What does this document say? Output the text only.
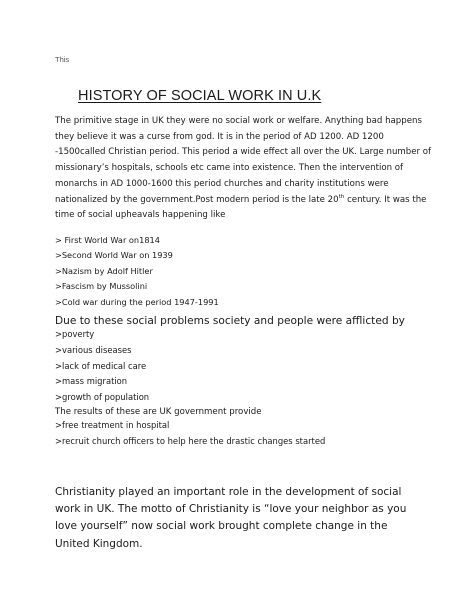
This
HISTORY OF SOCIAL WORK IN U.K

The primitive stage in UK they were no social work or welfare. Anything bad happens they believe it was a curse from god. It is in the period of AD 1200. AD 1200 -1500called Christian period. This period a wide effect all over the UK. Large number of missionary’s hospitals, schools etc came into existence. Then the intervention of monarchs in AD 1000-1600 this period churches and charity institutions were nationalized by the government.Post modern period is the late 20th century. It was the time of social upheavals happening like

> First World War on1814
>Second World War on 1939
>Nazism by Adolf Hitler
>Fascism by Mussolini
>Cold war during the period 1947-1991

Due to these social problems society and people were afflicted by

>poverty
>various diseases
>lack of medical care
>mass migration
>growth of population

The results of these are UK government provide

>free treatment in hospital
>recruit church officers to help here the drastic changes started

Christianity played an important role in the development of social work in UK. The motto of Christianity is “love your neighbor as you love yourself” now social work brought complete change in the United Kingdom.
